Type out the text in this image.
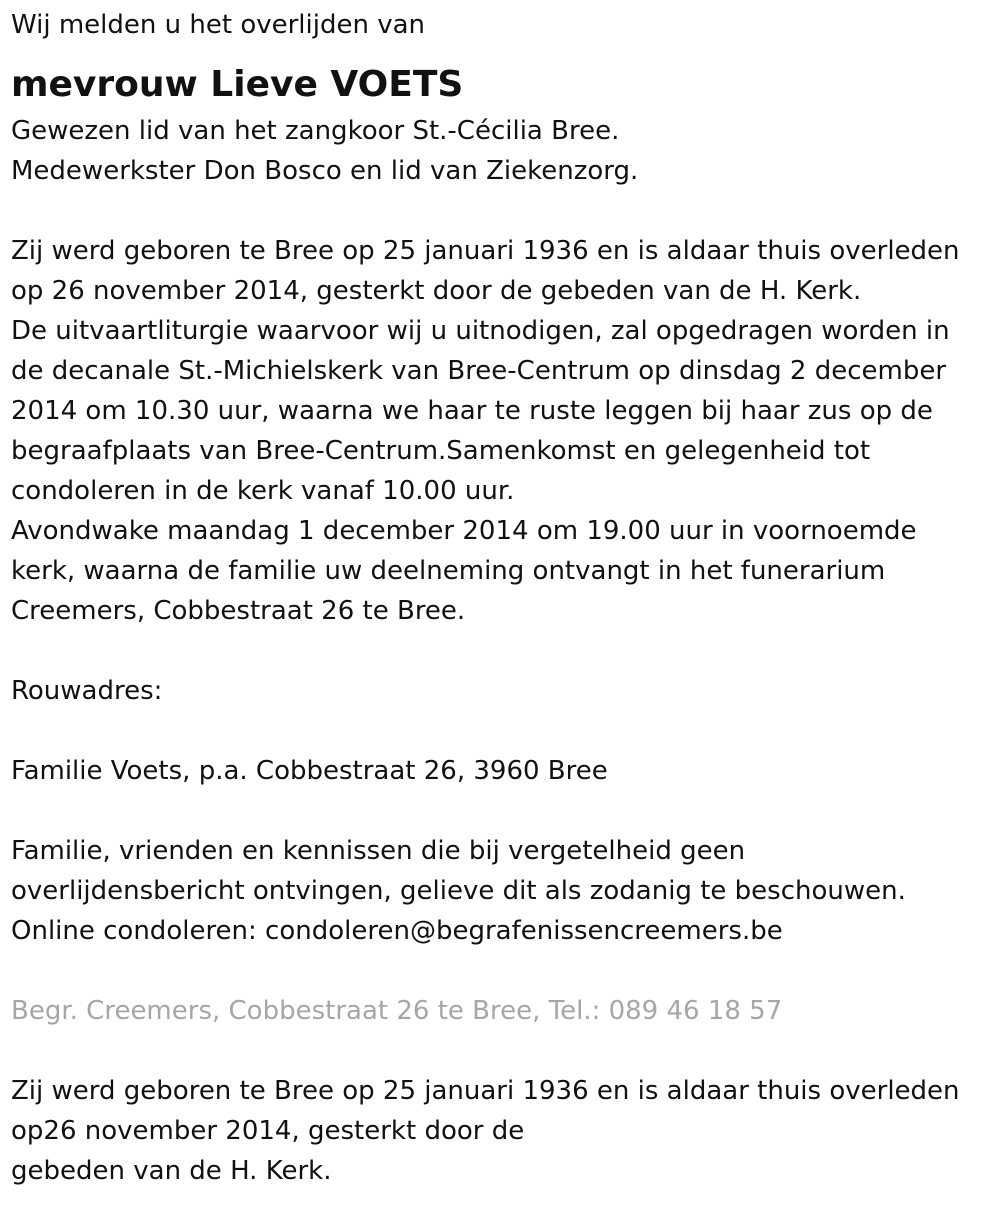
Wij melden u het overlijden van
mevrouw Lieve VOETS
Gewezen lid van het zangkoor St.-Cécilia Bree.
Medewerkster Don Bosco en lid van Ziekenzorg.
Zij werd geboren te Bree op 25 januari 1936 en is aldaar thuis overleden
op 26 november 2014, gesterkt door de gebeden van de H. Kerk.
De uitvaartliturgie waarvoor wij u uitnodigen, zal opgedragen worden in
de decanale St.-Michielskerk van Bree-Centrum op dinsdag 2 december
2014 om 10.30 uur, waarna we haar te ruste leggen bij haar zus op de
begraafplaats van Bree-Centrum.Samenkomst en gelegenheid tot
condoleren in de kerk vanaf 10.00 uur.
Avondwake maandag 1 december 2014 om 19.00 uur in voornoemde
kerk, waarna de familie uw deelneming ontvangt in het funerarium
Creemers, Cobbestraat 26 te Bree.
Rouwadres:
Familie Voets, p.a. Cobbestraat 26, 3960 Bree
Familie, vrienden en kennissen die bij vergetelheid geen
overlijdensbericht ontvingen, gelieve dit als zodanig te beschouwen.
Online condoleren: condoleren@begrafenissencreemers.be
Begr. Creemers, Cobbestraat 26 te Bree, Tel.: 089 46 18 57
Zij werd geboren te Bree op 25 januari 1936 en is aldaar thuis overleden
op26 november 2014, gesterkt door de
gebeden van de H. Kerk.
